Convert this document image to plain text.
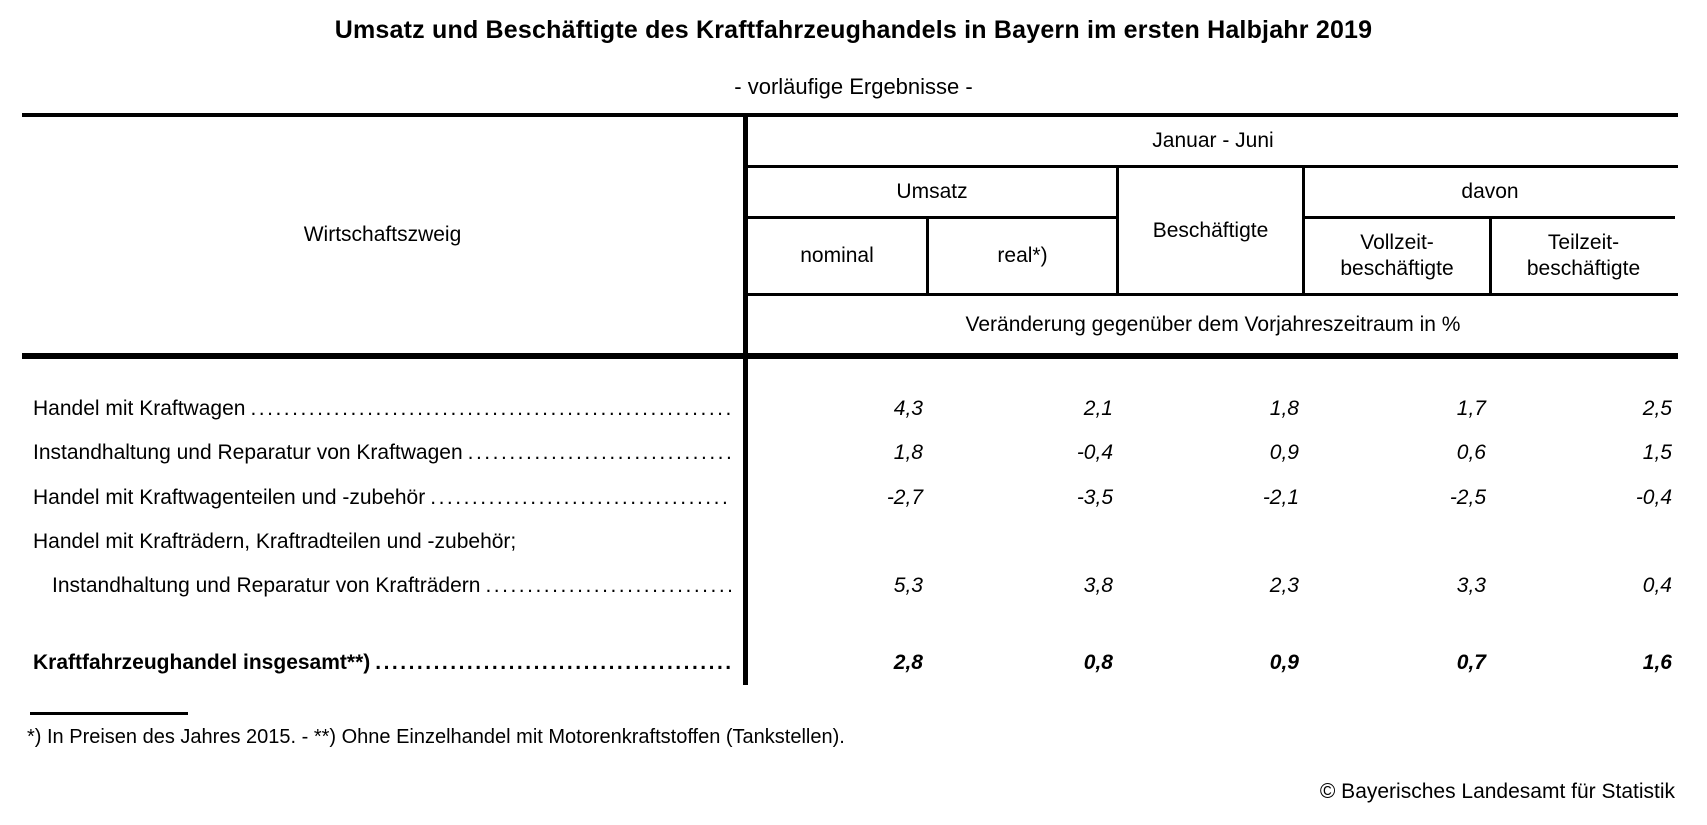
Umsatz und Beschäftigte des Kraftfahrzeughandels in Bayern im ersten Halbjahr 2019
- vorläufige Ergebnisse -
Wirtschaftszweig
Januar - Juni
Umsatz
nominal	real*)
Beschäftigte
davon
Vollzeit-
beschäftigte
Teilzeit-
beschäftigte
Veränderung gegenüber dem Vorjahreszeitraum in %
Handel mit Kraftwagen .....	4,3	2,1	1,8	1,7	2,5
Instandhaltung und Reparatur von Kraftwagen .....	1,8	-0,4	0,9	0,6	1,5
Handel mit Kraftwagenteilen und -zubehör .....	-2,7	-3,5	-2,1	-2,5	-0,4
Handel mit Krafträdern, Kraftradteilen und -zubehör;
Instandhaltung und Reparatur von Krafträdern .....	5,3	3,8	2,3	3,3	0,4
Kraftfahrzeughandel insgesamt**) .....	2,8	0,8	0,9	0,7	1,6
*) In Preisen des Jahres 2015. - **) Ohne Einzelhandel mit Motorenkraftstoffen (Tankstellen).
© Bayerisches Landesamt für Statistik
